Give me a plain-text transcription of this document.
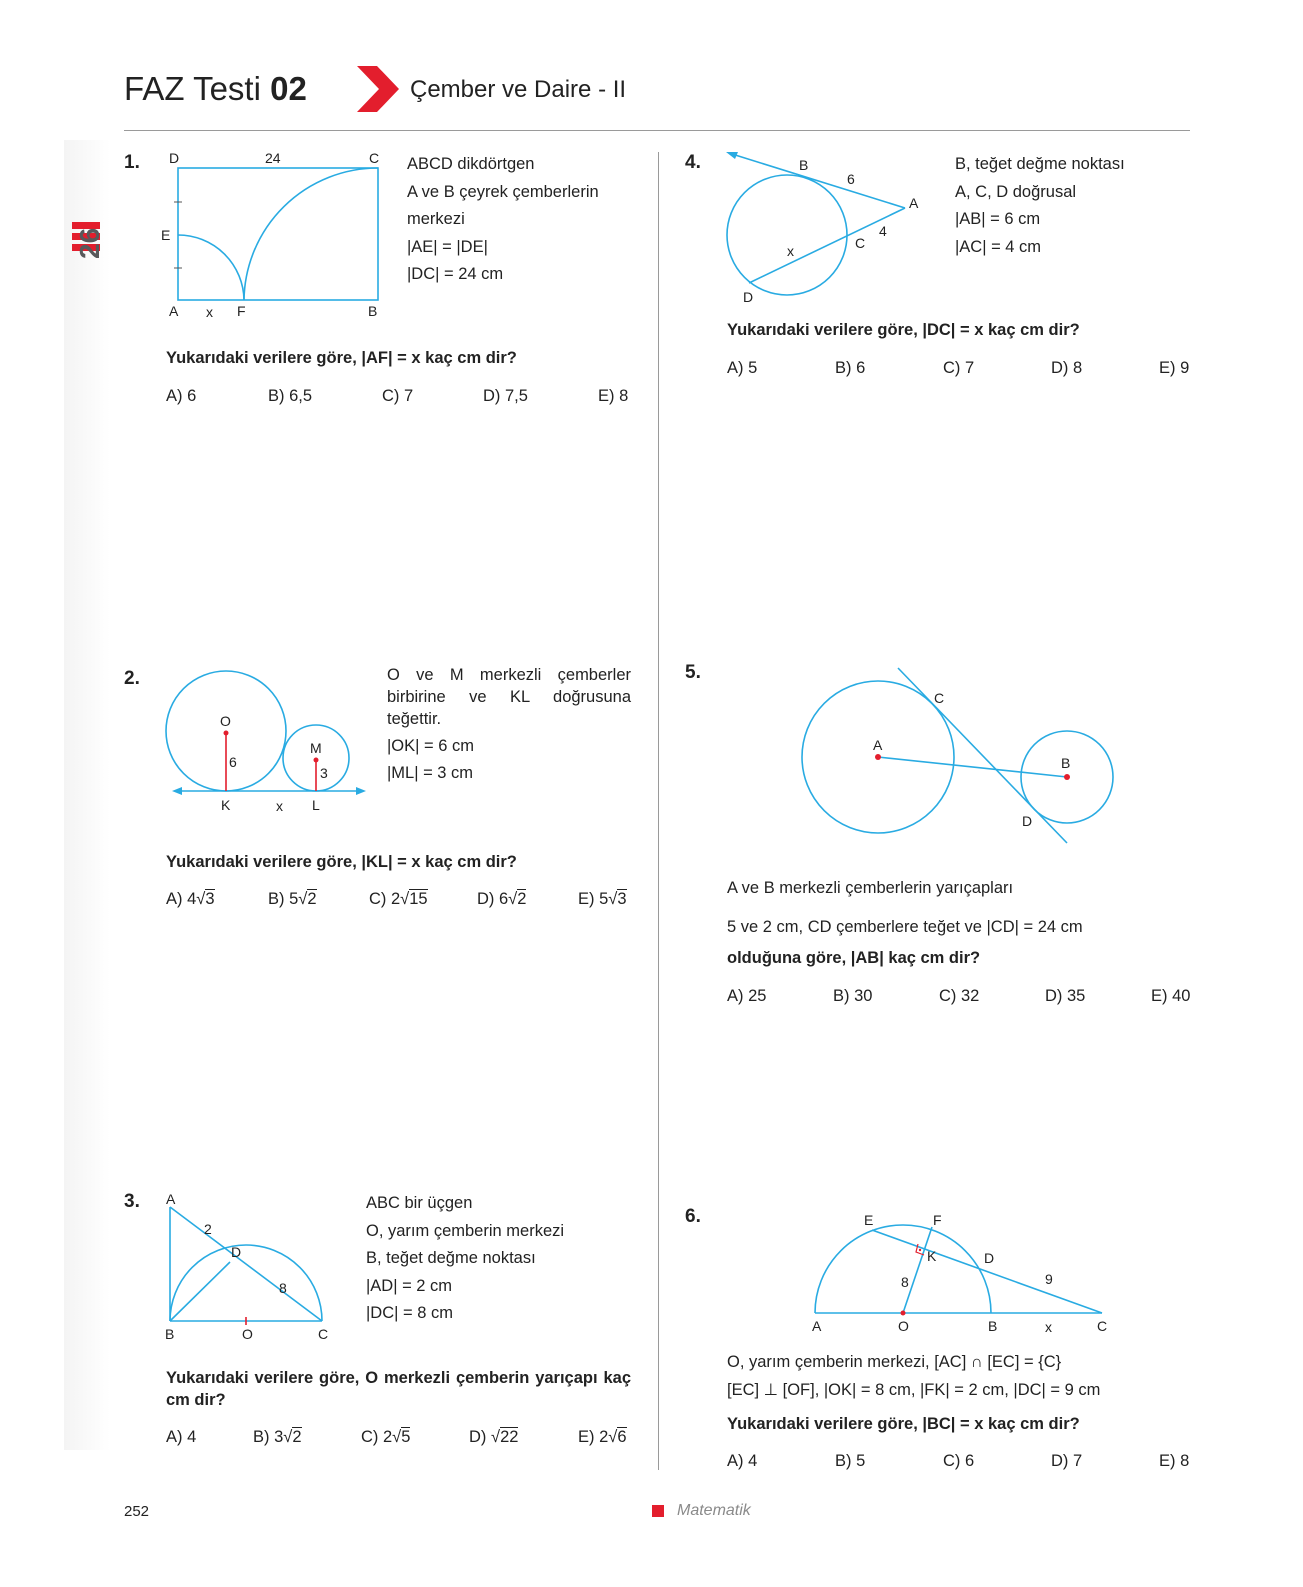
26
FAZ Testi 02	Çember ve Daire - II
1. D	24	C
E
A x F	B
ABCD dikdörtgen
A ve B çeyrek çemberlerin
merkezi
|AE| = |DE|
|DC| = 24 cm
Yukarıdaki verilere göre, |AF| = x kaç cm dir?
A) 6	B) 6,5	C) 7	D) 7,5	E) 8
2.
O
M
6
3
K	x L
O ve M merkezli çemberler birbirine ve KL doğrusuna teğettir.
|OK| = 6 cm
|ML| = 3 cm
Yukarıdaki verilere göre, |KL| = x kaç cm dir?
A) 4√3	B) 5√2	C) 2√15	D) 6√2	E) 5√3
3. A
2
D
8
B	O	C
ABC bir üçgen
O, yarım çemberin merkezi
B, teğet değme noktası
|AD| = 2 cm
|DC| = 8 cm
Yukarıdaki verilere göre, O merkezli çemberin yarıçapı kaç cm dir?
A) 4	B) 3√2	C) 2√5	D) √22	E) 2√6
4.	B
6
A
4
C
x
D
B, teğet değme noktası
A, C, D doğrusal
|AB| = 6 cm
|AC| = 4 cm
Yukarıdaki verilere göre, |DC| = x kaç cm dir?
A) 5	B) 6	C) 7	D) 8	E) 9
5.
C
A
B
D
A ve B merkezli çemberlerin yarıçapları
5 ve 2 cm, CD çemberlere teğet ve |CD| = 24 cm
olduğuna göre, |AB| kaç cm dir?
A) 25	B) 30	C) 32	D) 35	E) 40
6.	E	F
K	D
8	9
A	O	B	x	C
O, yarım çemberin merkezi, [AC] ∩ [EC] = {C}
[EC] ⊥ [OF], |OK| = 8 cm, |FK| = 2 cm, |DC| = 9 cm
Yukarıdaki verilere göre, |BC| = x kaç cm dir?
A) 4	B) 5	C) 6	D) 7	E) 8
252	Matematik
